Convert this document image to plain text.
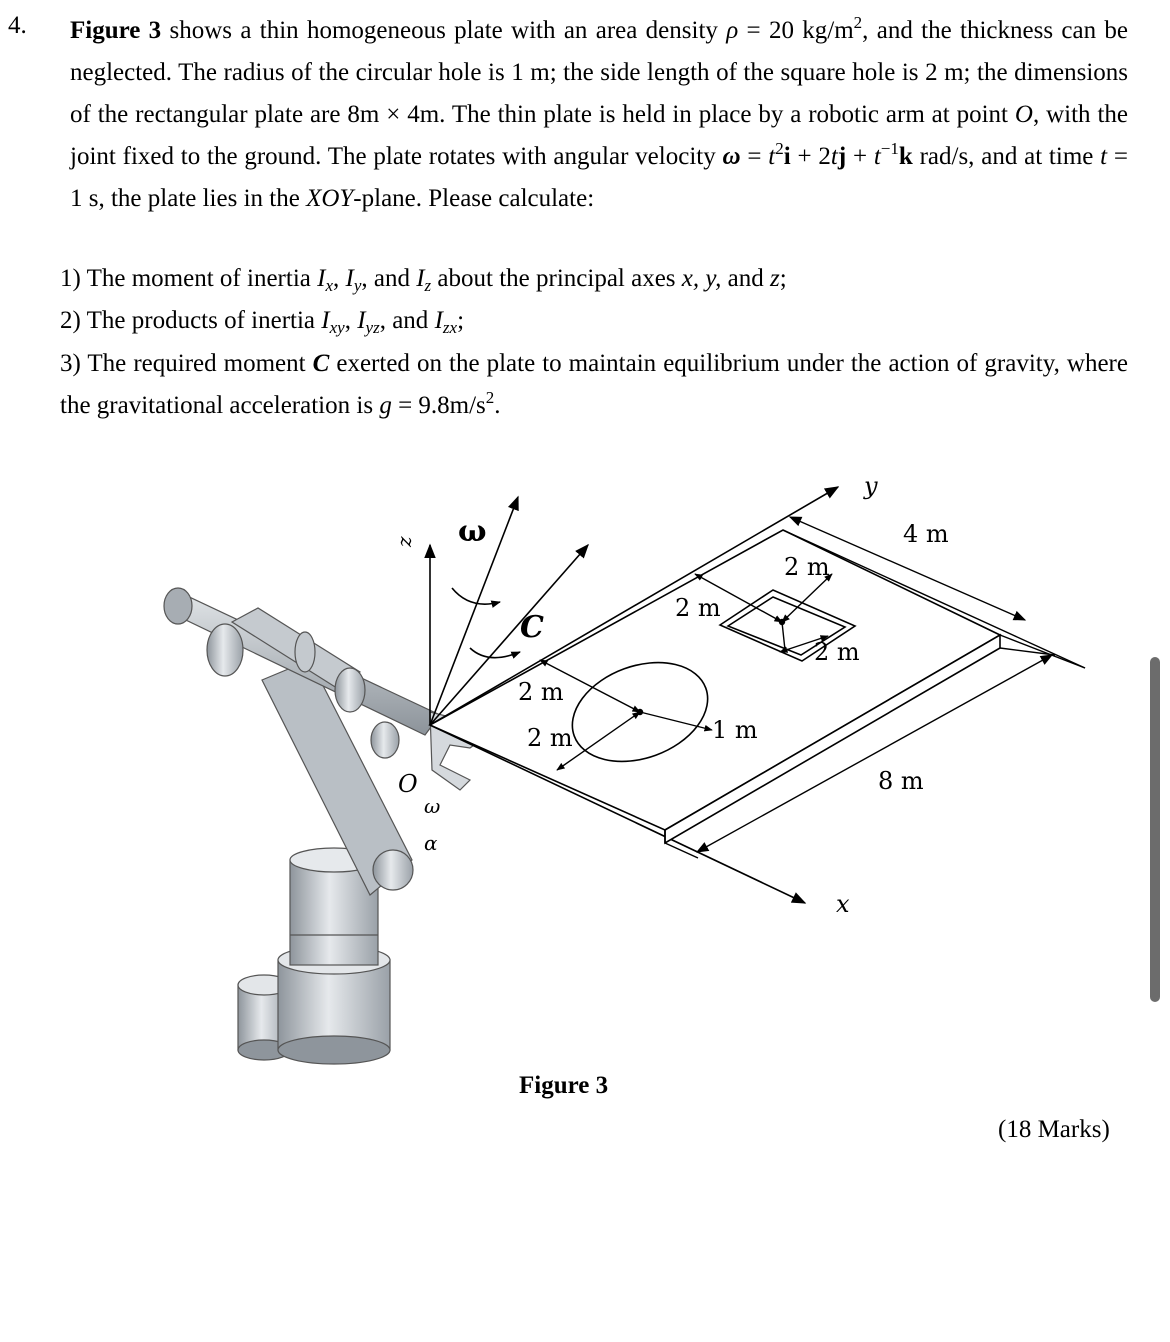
4. Figure 3 shows a thin homogeneous plate with an area density ρ = 20 $kg/m^2$, and the thickness can be neglected. The radius of the circular hole is 1 m; the side length of the square hole is 2 m; the dimensions of the rectangular plate are 8m × 4m. The thin plate is held in place by a robotic arm at point O, with the joint fixed to the ground. The plate rotates with angular velocity $\omega = t^2i + 2tj + t^{-1}k$ rad/s, and at time t = 1 s, the plate lies in the XOY-plane. Please calculate:
1) The moment of inertia $I_x$, $I_y$, and $I_z$ about the principal axes x, y, and z;
2) The products of inertia $I_{xy}$, $I_{yz}$, and $I_{zx}$;
3) The required moment C exerted on the plate to maintain equilibrium under the action of gravity, where the gravitational acceleration is $g = 9.8m/s^2$.
z ω
C
y
x
O
ω
α
4 m
8 m
1 m
2 m
2 m
2 m
2 m
2 m
Figure 3
(18 Marks)
